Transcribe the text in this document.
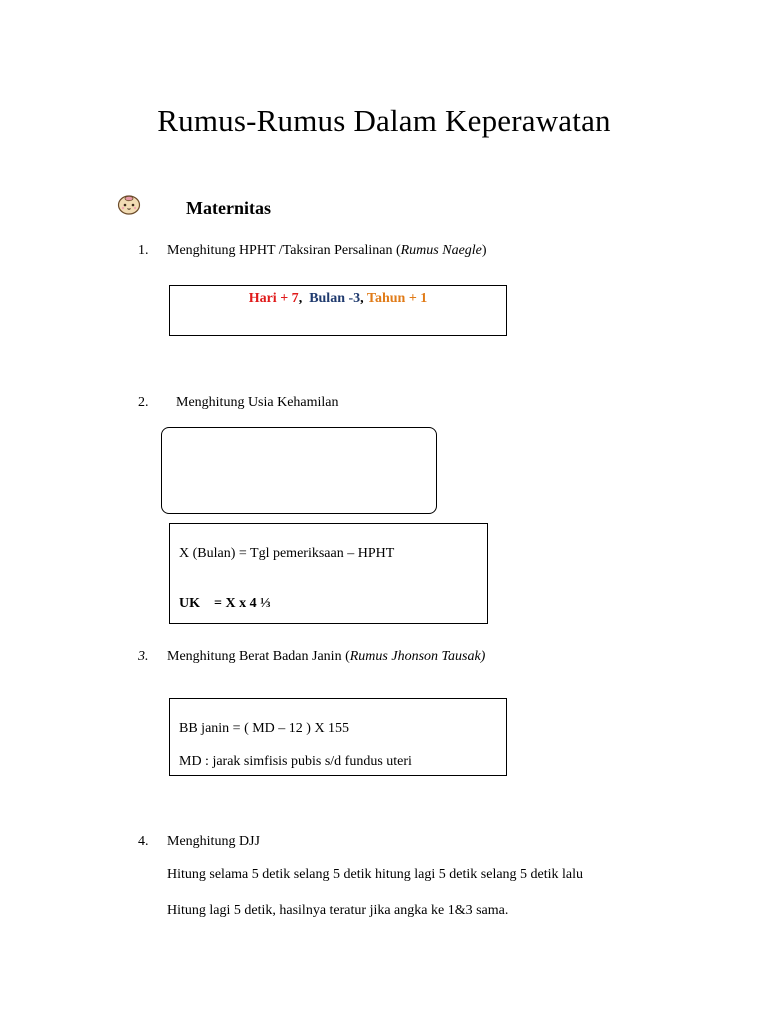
Rumus-Rumus Dalam Keperawatan
Maternitas
1. Menghitung HPHT /Taksiran Persalinan (Rumus Naegle)
Hari + 7, Bulan -3, Tahun + 1
2. Menghitung Usia Kehamilan
X (Bulan) = Tgl pemeriksaan – HPHT
UK = X x 4 ⅓
3. Menghitung Berat Badan Janin (Rumus Jhonson Tausak)
BB janin = ( MD – 12 ) X 155
MD : jarak simfisis pubis s/d fundus uteri
4. Menghitung DJJ
Hitung selama 5 detik selang 5 detik hitung lagi 5 detik selang 5 detik lalu
Hitung lagi 5 detik, hasilnya teratur jika angka ke 1&3 sama.
